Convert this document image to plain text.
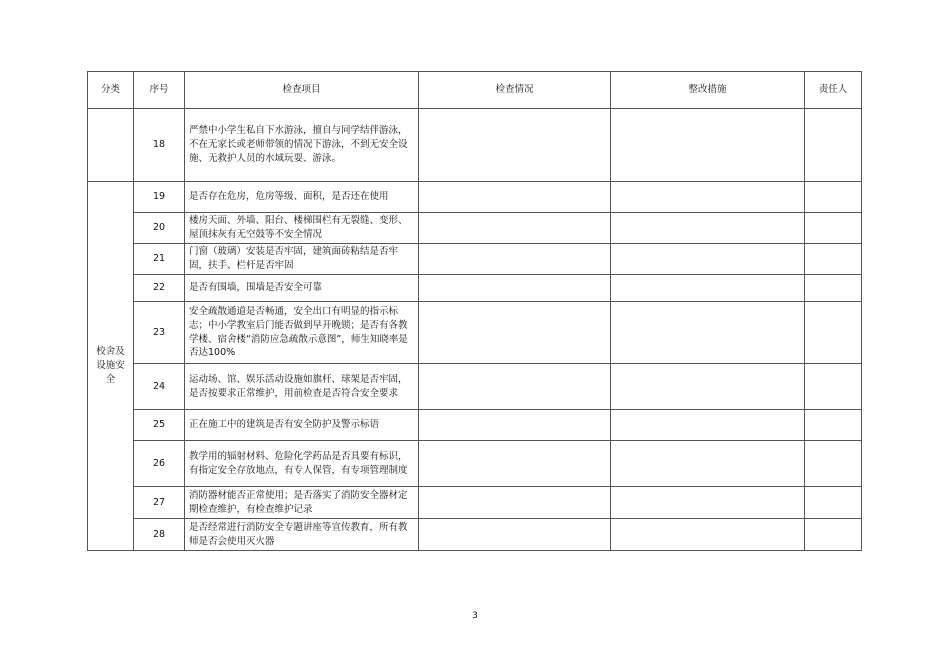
分类	序号	检查项目	检查情况	整改措施	责任人
	18	严禁中小学生私自下水游泳，擅自与同学结伴游泳，不在无家长或老师带领的情况下游泳，不到无安全设施、无救护人员的水域玩耍、游泳。			
校舍及设施安全	19	是否存在危房，危房等级、面积，是否还在使用			
	20	楼房天面、外墙、阳台、楼梯围栏有无裂缝、变形、屋顶抹灰有无空鼓等不安全情况			
	21	门窗（玻璃）安装是否牢固，建筑面砖粘结是否牢固，扶手、栏杆是否牢固			
	22	是否有围墙，围墙是否安全可靠			
	23	安全疏散通道是否畅通，安全出口有明显的指示标志；中小学教室后门能否做到早开晚锁；是否有各教学楼、宿舍楼“消防应急疏散示意图”，师生知晓率是否达100%			
	24	运动场、馆、娱乐活动设施如旗杆、球架是否牢固，是否按要求正常维护，用前检查是否符合安全要求			
	25	正在施工中的建筑是否有安全防护及警示标语			
	26	教学用的辐射材料、危险化学药品是否具要有标识，有指定安全存放地点，有专人保管，有专项管理制度			
	27	消防器材能否正常使用；是否落实了消防安全器材定期检查维护，有检查维护记录			
	28	是否经常进行消防安全专题讲座等宣传教育，所有教师是否会使用灭火器			
3
